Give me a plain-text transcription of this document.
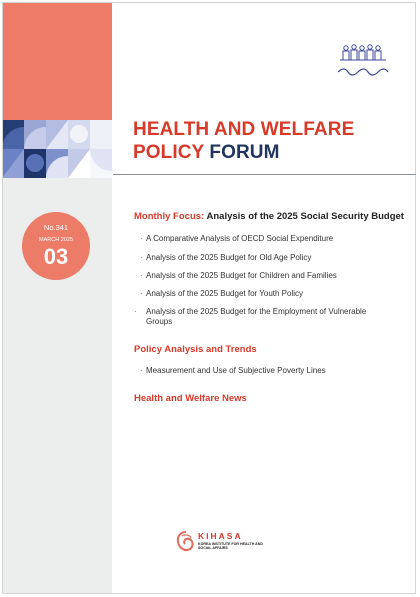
No.341
MARCH 2025
03
HEALTH AND WELFARE
POLICY FORUM
Monthly Focus: Analysis of the 2025 Social Security Budget
· A Comparative Analysis of OECD Social Expenditure
· Analysis of the 2025 Budget for Old Age Policy
· Analysis of the 2025 Budget for Children and Families
· Analysis of the 2025 Budget for Youth Policy
· Analysis of the 2025 Budget for the Employment of Vulnerable Groups
Policy Analysis and Trends
· Measurement and Use of Subjective Poverty Lines
Health and Welfare News
KIHASA
KOREA INSTITUTE FOR HEALTH AND SOCIAL AFFAIRS
